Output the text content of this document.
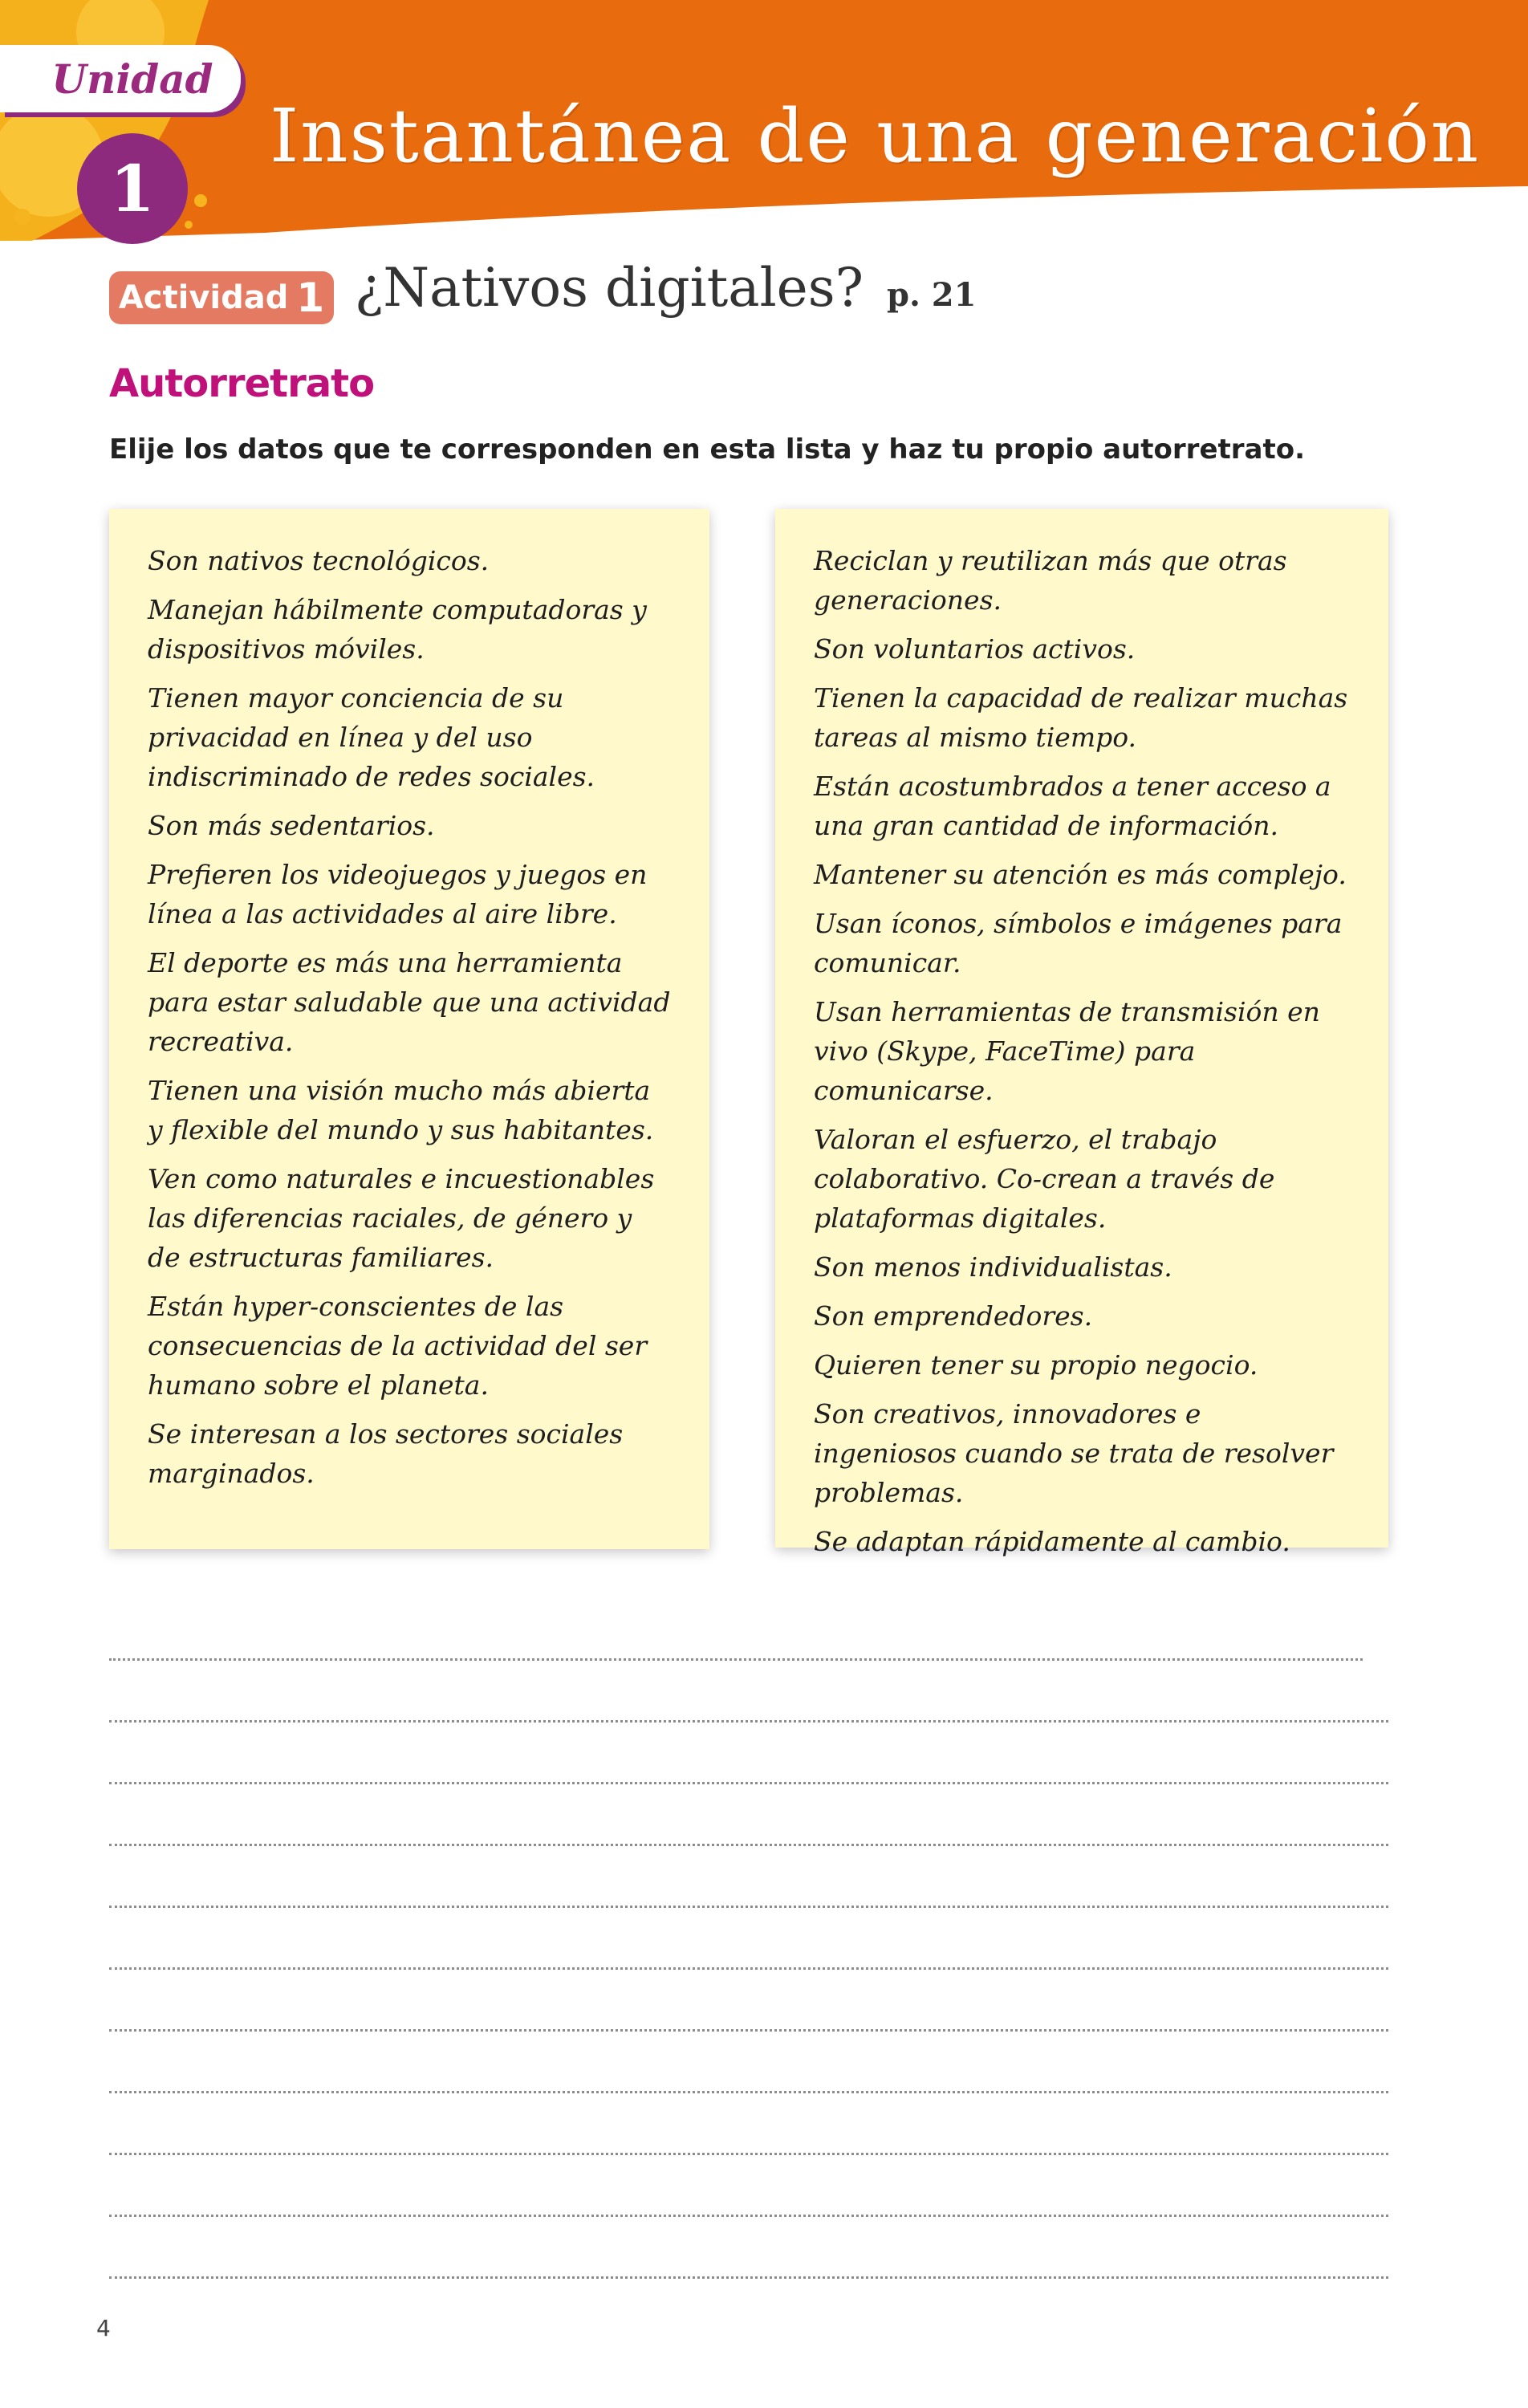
Unidad
1
Instantánea de una generación
Actividad 1 ¿Nativos digitales? p. 21
Autorretrato
Elije los datos que te corresponden en esta lista y haz tu propio autorretrato.
Son nativos tecnológicos.
Manejan hábilmente computadoras y dispositivos móviles.
Tienen mayor conciencia de su privacidad en línea y del uso indiscriminado de redes sociales.
Son más sedentarios.
Prefieren los videojuegos y juegos en línea a las actividades al aire libre.
El deporte es más una herramienta para estar saludable que una actividad recreativa.
Tienen una visión mucho más abierta y flexible del mundo y sus habitantes.
Ven como naturales e incuestionables las diferencias raciales, de género y de estructuras familiares.
Están hyper-conscientes de las consecuencias de la actividad del ser humano sobre el planeta.
Se interesan a los sectores sociales marginados.
Reciclan y reutilizan más que otras generaciones.
Son voluntarios activos.
Tienen la capacidad de realizar muchas tareas al mismo tiempo.
Están acostumbrados a tener acceso a una gran cantidad de información.
Mantener su atención es más complejo.
Usan íconos, símbolos e imágenes para comunicar.
Usan herramientas de transmisión en vivo (Skype, FaceTime) para comunicarse.
Valoran el esfuerzo, el trabajo colaborativo. Co-crean a través de plataformas digitales.
Son menos individualistas.
Son emprendedores.
Quieren tener su propio negocio.
Son creativos, innovadores e ingeniosos cuando se trata de resolver problemas.
Se adaptan rápidamente al cambio.
4
